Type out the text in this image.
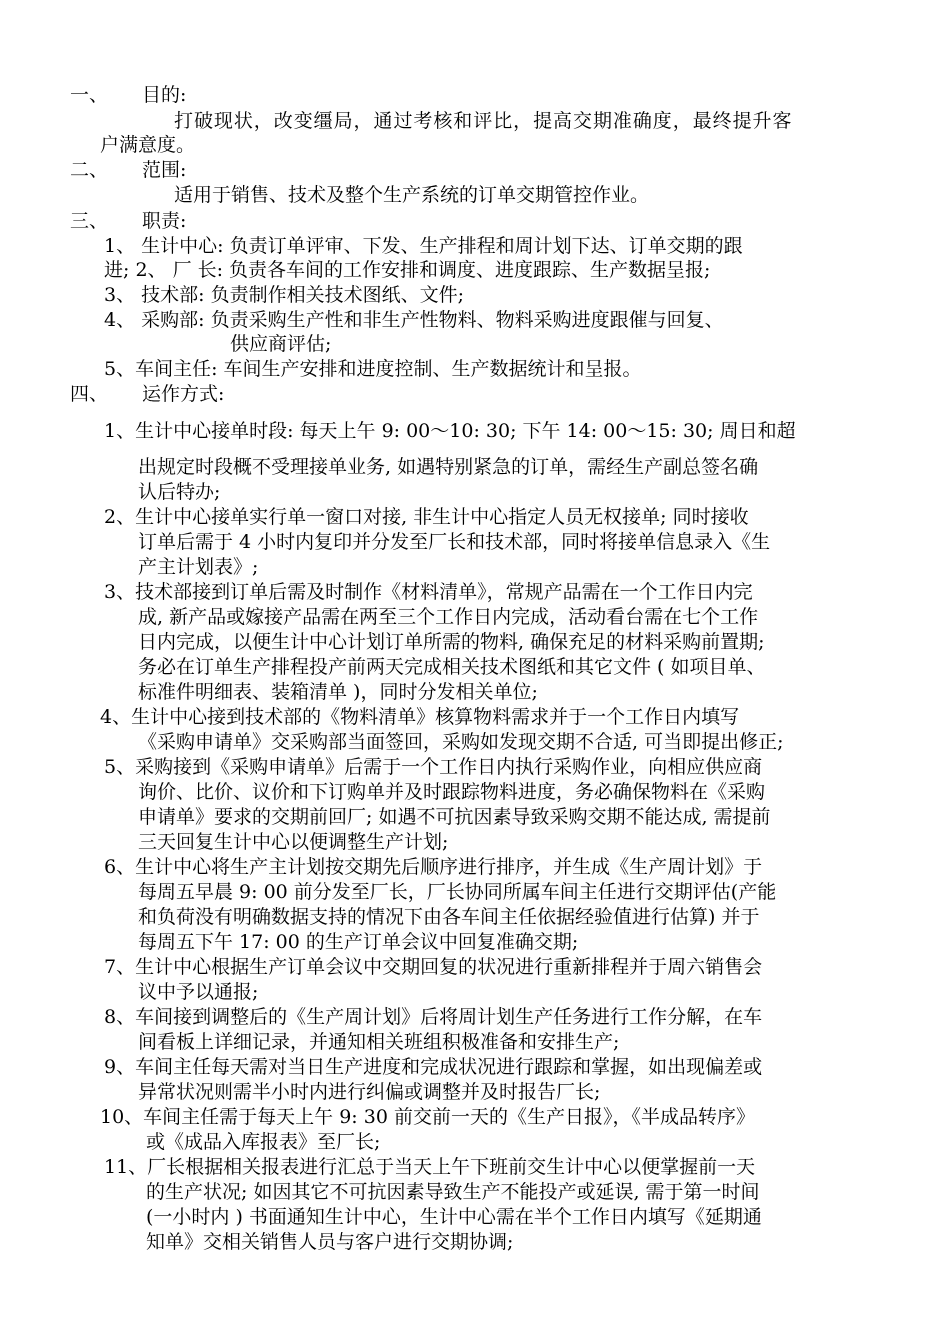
一、 目的:
打破现状，改变缰局，通过考核和评比，提高交期准确度，最终提升客
户满意度。
二、 范围:
适用于销售、技术及整个生产系统的订单交期管控作业。
三、 职责:
1、 生计中心: 负责订单评审、下发、生产排程和周计划下达、订单交期的跟
进; 2、 厂 长: 负责各车间的工作安排和调度、进度跟踪、生产数据呈报;
3、 技术部: 负责制作相关技术图纸、文件;
4、 采购部: 负责采购生产性和非生产性物料、物料采购进度跟催与回复、
供应商评估;
5、车间主任: 车间生产安排和进度控制、生产数据统计和呈报。
四、 运作方式:
1、生计中心接单时段: 每天上午 9: 00～10: 30; 下午 14: 00～15: 30; 周日和超
出规定时段概不受理接单业务, 如遇特别紧急的订单，需经生产副总签名确
认后特办;
2、生计中心接单实行单一窗口对接, 非生计中心指定人员无权接单; 同时接收
订单后需于 4 小时内复印并分发至厂长和技术部，同时将接单信息录入《生
产主计划表》;
3、技术部接到订单后需及时制作《材料清单》，常规产品需在一个工作日内完
成, 新产品或嫁接产品需在两至三个工作日内完成，活动看台需在七个工作
日内完成，以便生计中心计划订单所需的物料, 确保充足的材料采购前置期;
务必在订单生产排程投产前两天完成相关技术图纸和其它文件 ( 如项目单、
标准件明细表、装箱清单 )，同时分发相关单位;
4、生计中心接到技术部的《物料清单》核算物料需求并于一个工作日内填写
《采购申请单》交采购部当面签回，采购如发现交期不合适, 可当即提出修正;
5、采购接到《采购申请单》后需于一个工作日内执行采购作业，向相应供应商
询价、比价、议价和下订购单并及时跟踪物料进度，务必确保物料在《采购
申请单》要求的交期前回厂; 如遇不可抗因素导致采购交期不能达成, 需提前
三天回复生计中心以便调整生产计划;
6、生计中心将生产主计划按交期先后顺序进行排序，并生成《生产周计划》于
每周五早晨 9: 00 前分发至厂长，厂长协同所属车间主任进行交期评估(产能
和负荷没有明确数据支持的情况下由各车间主任依据经验值进行估算) 并于
每周五下午 17: 00 的生产订单会议中回复准确交期;
7、生计中心根据生产订单会议中交期回复的状况进行重新排程并于周六销售会
议中予以通报;
8、车间接到调整后的《生产周计划》后将周计划生产任务进行工作分解，在车
间看板上详细记录，并通知相关班组积极准备和安排生产;
9、车间主任每天需对当日生产进度和完成状况进行跟踪和掌握，如出现偏差或
异常状况则需半小时内进行纠偏或调整并及时报告厂长;
10、车间主任需于每天上午 9: 30 前交前一天的《生产日报》，《半成品转序》
或《成品入库报表》至厂长;
11、厂长根据相关报表进行汇总于当天上午下班前交生计中心以便掌握前一天
的生产状况; 如因其它不可抗因素导致生产不能投产或延误, 需于第一时间
(一小时内 ) 书面通知生计中心，生计中心需在半个工作日内填写《延期通
知单》交相关销售人员与客户进行交期协调;
